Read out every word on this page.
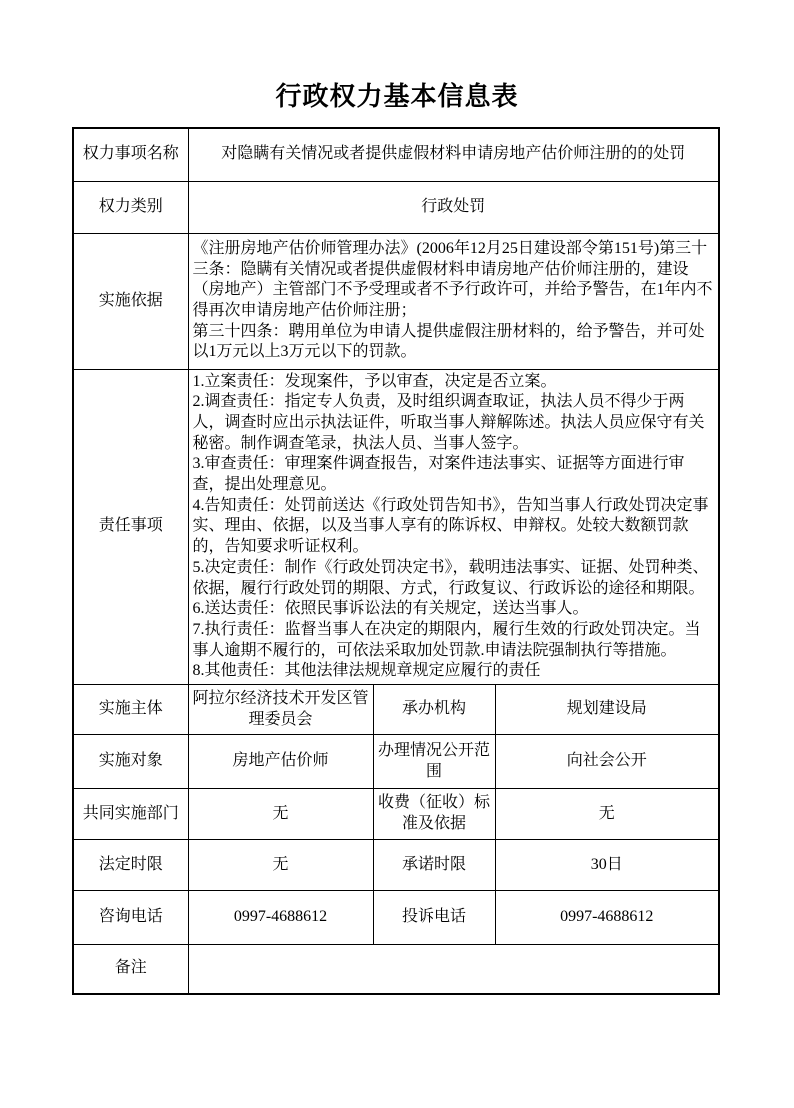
行政权力基本信息表
权力事项名称	对隐瞒有关情况或者提供虚假材料申请房地产估价师注册的的处罚		
权力类别	行政处罚		
实施依据	《注册房地产估价师管理办法》(2006年12月25日建设部令第151号)第三十三条：隐瞒有关情况或者提供虚假材料申请房地产估价师注册的，建设（房地产）主管部门不予受理或者不予行政许可，并给予警告，在1年内不得再次申请房地产估价师注册；
第三十四条：聘用单位为申请人提供虚假注册材料的，给予警告，并可处以1万元以上3万元以下的罚款。		

责任事项	
1.立案责任：发现案件，予以审查，决定是否立案。
2.调查责任：指定专人负责，及时组织调查取证，执法人员不得少于两人，调查时应出示执法证件，听取当事人辩解陈述。执法人员应保守有关秘密。制作调查笔录，执法人员、当事人签字。
3.审查责任：审理案件调查报告，对案件违法事实、证据等方面进行审查，提出处理意见。
4.告知责任：处罚前送达《行政处罚告知书》，告知当事人行政处罚决定事实、理由、依据，以及当事人享有的陈诉权、申辩权。处较大数额罚款的，告知要求听证权利。
5.决定责任：制作《行政处罚决定书》，载明违法事实、证据、处罚种类、依据，履行行政处罚的期限、方式，行政复议、行政诉讼的途径和期限。
6.送达责任：依照民事诉讼法的有关规定，送达当事人。
7.执行责任：监督当事人在决定的期限内，履行生效的行政处罚决定。当事人逾期不履行的，可依法采取加处罚款.申请法院强制执行等措施。
8.其他责任：其他法律法规规章规定应履行的责任

实施主体	阿拉尔经济技术开发区管理委员会	承办机构	规划建设局
实施对象	房地产估价师	办理情况公开范围	向社会公开
共同实施部门	无	收费（征收）标准及依据	无
法定时限	无	承诺时限	30日
咨询电话	0997-4688612	投诉电话	0997-4688612
备注			
